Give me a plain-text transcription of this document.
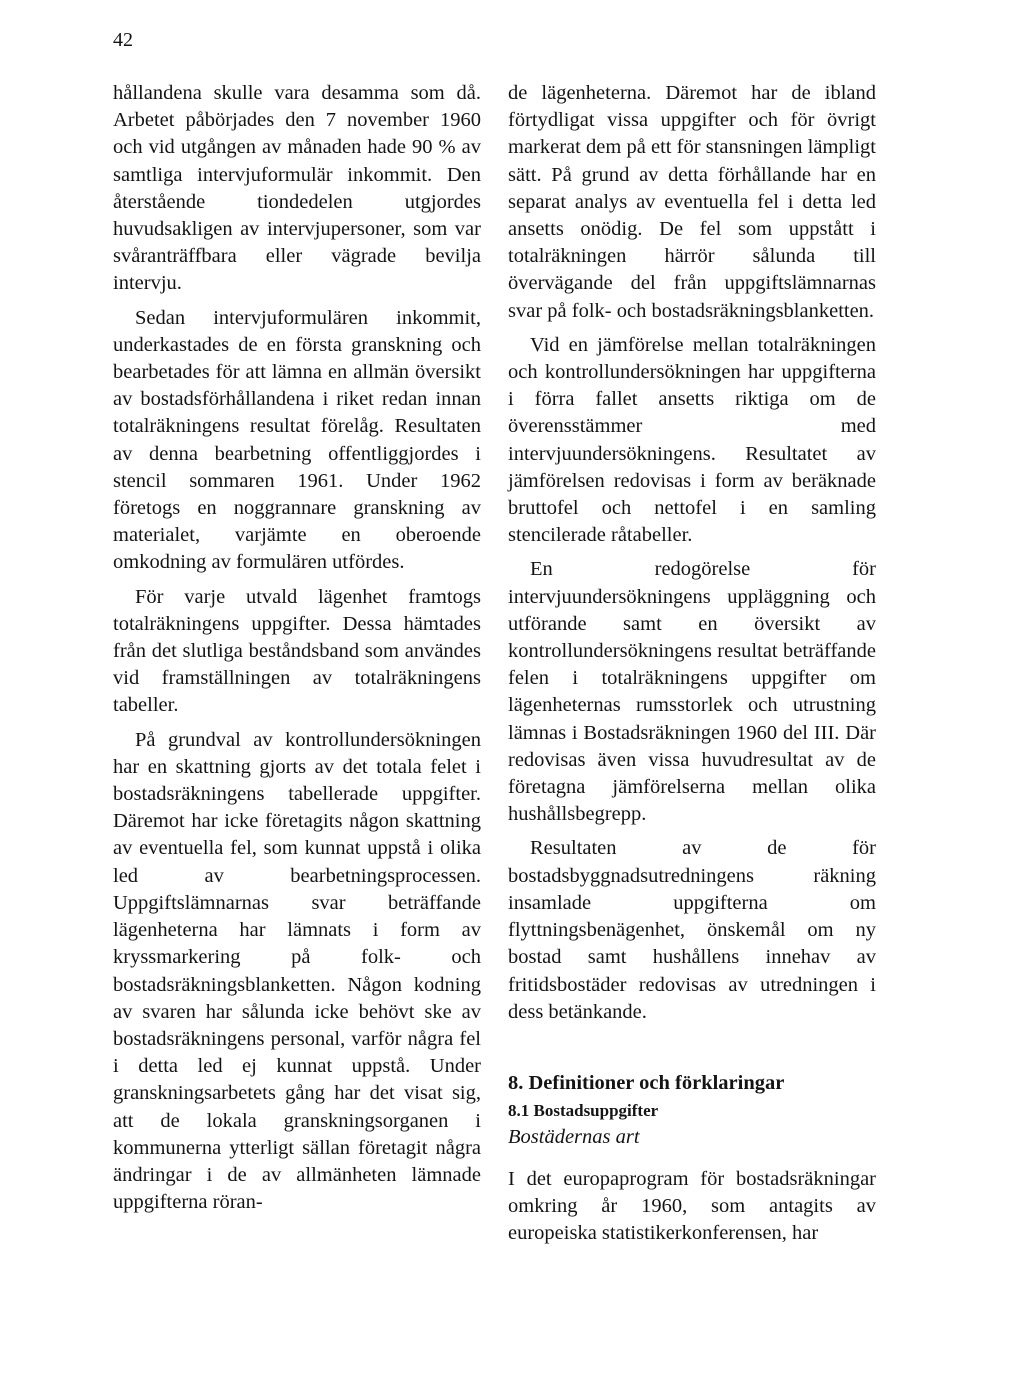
42

hållandena skulle vara desamma som då. Arbetet påbörjades den 7 november 1960 och vid utgången av månaden hade 90 % av samtliga intervjuformulär inkommit. Den återstående tiondedelen utgjordes huvudsakligen av intervjupersoner, som var svåranträffbara eller vägrade bevilja intervju.

Sedan intervjuformulären inkommit, underkastades de en första granskning och bearbetades för att lämna en allmän översikt av bostadsförhållandena i riket redan innan totalräkningens resultat förelåg. Resultaten av denna bearbetning offentliggjordes i stencil sommaren 1961. Under 1962 företogs en noggrannare granskning av materialet, varjämte en oberoende omkodning av formulären utfördes.

För varje utvald lägenhet framtogs totalräkningens uppgifter. Dessa hämtades från det slutliga beståndsband som användes vid framställningen av totalräkningens tabeller.

På grundval av kontrollundersökningen har en skattning gjorts av det totala felet i bostadsräkningens tabellerade uppgifter. Däremot har icke företagits någon skattning av eventuella fel, som kunnat uppstå i olika led av bearbetningsprocessen. Uppgiftslämnarnas svar beträffande lägenheterna har lämnats i form av kryssmarkering på folk- och bostadsräkningsblanketten. Någon kodning av svaren har sålunda icke behövt ske av bostadsräkningens personal, varför några fel i detta led ej kunnat uppstå. Under granskningsarbetets gång har det visat sig, att de lokala granskningsorganen i kommunerna ytterligt sällan företagit några ändringar i de av allmänheten lämnade uppgifterna röran-

de lägenheterna. Däremot har de ibland förtydligat vissa uppgifter och för övrigt markerat dem på ett för stansningen lämpligt sätt. På grund av detta förhållande har en separat analys av eventuella fel i detta led ansetts onödig. De fel som uppstått i totalräkningen härrör sålunda till övervägande del från uppgiftslämnarnas svar på folk- och bostadsräkningsblanketten.

Vid en jämförelse mellan totalräkningen och kontrollundersökningen har uppgifterna i förra fallet ansetts riktiga om de överensstämmer med intervjuundersökningens. Resultatet av jämförelsen redovisas i form av beräknade bruttofel och nettofel i en samling stencilerade råtabeller.

En redogörelse för intervjuundersökningens uppläggning och utförande samt en översikt av kontrollundersökningens resultat beträffande felen i totalräkningens uppgifter om lägenheternas rumsstorlek och utrustning lämnas i Bostadsräkningen 1960 del III. Där redovisas även vissa huvudresultat av de företagna jämförelserna mellan olika hushållsbegrepp.

Resultaten av de för bostadsbyggnadsutredningens räkning insamlade uppgifterna om flyttningsbenägenhet, önskemål om ny bostad samt hushållens innehav av fritidsbostäder redovisas av utredningen i dess betänkande.

8. Definitioner och förklaringar

8.1 Bostadsuppgifter

Bostädernas art

I det europaprogram för bostadsräkningar omkring år 1960, som antagits av europeiska statistikerkonferensen, har
